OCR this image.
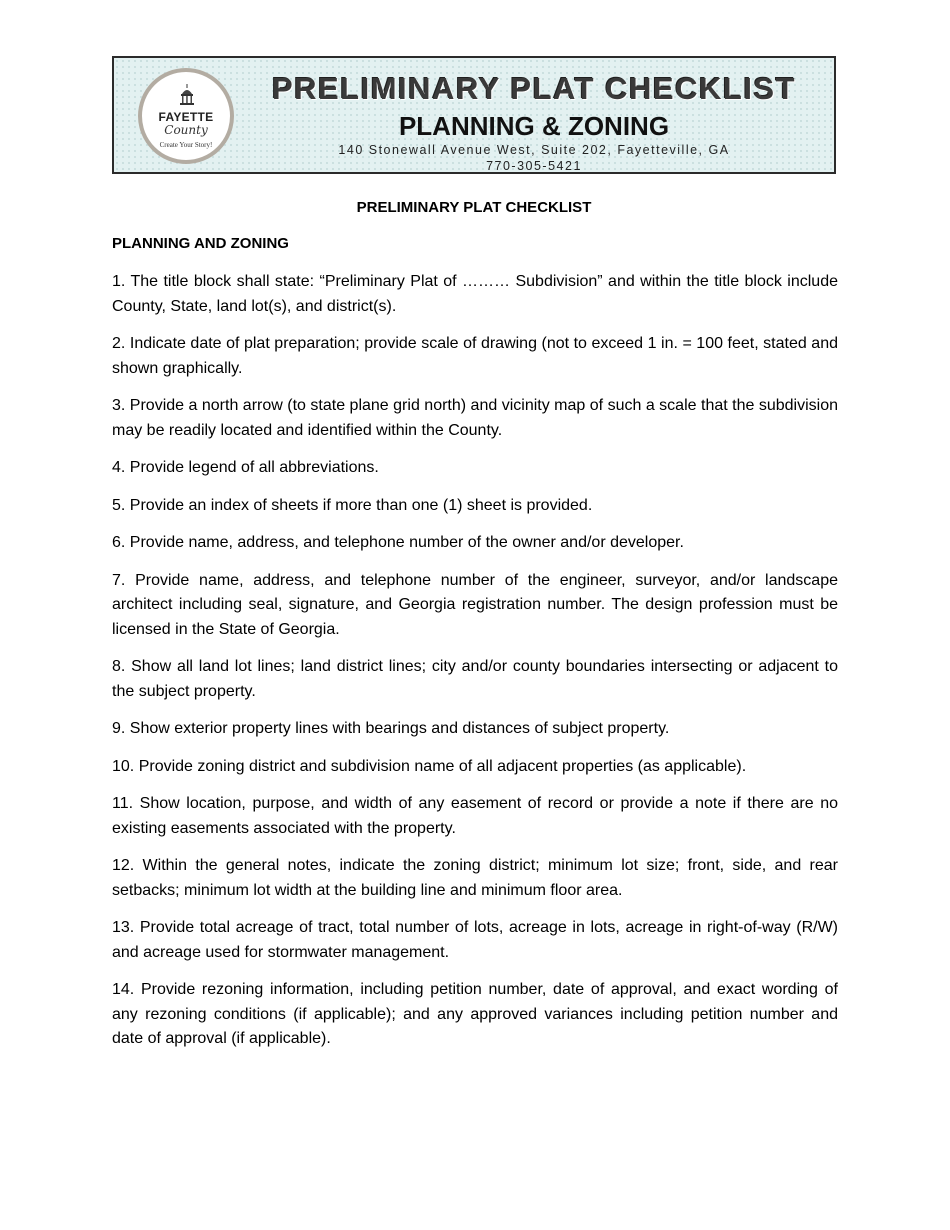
FAYETTE
County
Create Your Story!
PRELIMINARY PLAT CHECKLIST
PLANNING & ZONING
140 Stonewall Avenue West, Suite 202, Fayetteville, GA
770-305-5421
PRELIMINARY PLAT CHECKLIST
PLANNING AND ZONING

1. The title block shall state: “Preliminary Plat of ……… Subdivision” and within the title block include County, State, land lot(s), and district(s).

2. Indicate date of plat preparation; provide scale of drawing (not to exceed 1 in. = 100 feet, stated and shown graphically.

3. Provide a north arrow (to state plane grid north) and vicinity map of such a scale that the subdivision may be readily located and identified within the County.

4. Provide legend of all abbreviations.

5. Provide an index of sheets if more than one (1) sheet is provided.

6. Provide name, address, and telephone number of the owner and/or developer.

7. Provide name, address, and telephone number of the engineer, surveyor, and/or landscape architect including seal, signature, and Georgia registration number. The design profession must be licensed in the State of Georgia.

8. Show all land lot lines; land district lines; city and/or county boundaries intersecting or adjacent to the subject property.

9. Show exterior property lines with bearings and distances of subject property.

10. Provide zoning district and subdivision name of all adjacent properties (as applicable).

11. Show location, purpose, and width of any easement of record or provide a note if there are no existing easements associated with the property.

12. Within the general notes, indicate the zoning district; minimum lot size; front, side, and rear setbacks; minimum lot width at the building line and minimum floor area.

13. Provide total acreage of tract, total number of lots, acreage in lots, acreage in right-of-way (R/W) and acreage used for stormwater management.

14. Provide rezoning information, including petition number, date of approval, and exact wording of any rezoning conditions (if applicable); and any approved variances including petition number and date of approval (if applicable).
